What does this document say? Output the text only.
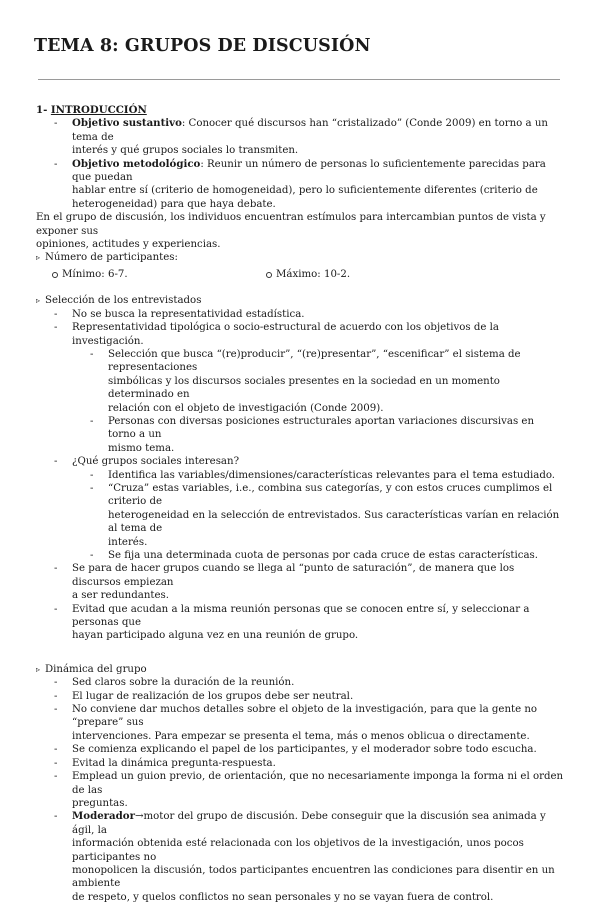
TEMA 8: GRUPOS DE DISCUSIÓN
1- INTRODUCCIÓN
- Objetivo sustantivo: Conocer qué discursos han “cristalizado” (Conde 2009) en torno a un tema de
interés y qué grupos sociales lo transmiten.
- Objetivo metodológico: Reunir un número de personas lo suficientemente parecidas para que puedan
hablar entre sí (criterio de homogeneidad), pero lo suficientemente diferentes (criterio de
heterogeneidad) para que haya debate.
En el grupo de discusión, los individuos encuentran estímulos para intercambian puntos de vista y exponer sus
opiniones, actitudes y experiencias.
▹ Número de participantes:
Mínimo: 6-7.	Máximo: 10-2.
▹ Selección de los entrevistados
- No se busca la representatividad estadística.
- Representatividad tipológica o socio-estructural de acuerdo con los objetivos de la investigación.
- Selección que busca “(re)producir”, “(re)presentar”, “escenificar” el sistema de representaciones
simbólicas y los discursos sociales presentes en la sociedad en un momento determinado en
relación con el objeto de investigación (Conde 2009).
- Personas con diversas posiciones estructurales aportan variaciones discursivas en torno a un
mismo tema.
- ¿Qué grupos sociales interesan?
- Identifica las variables/dimensiones/características relevantes para el tema estudiado.
- “Cruza” estas variables, i.e., combina sus categorías, y con estos cruces cumplimos el criterio de
heterogeneidad en la selección de entrevistados. Sus características varían en relación al tema de
interés.
- Se fija una determinada cuota de personas por cada cruce de estas características.
- Se para de hacer grupos cuando se llega al “punto de saturación”, de manera que los discursos empiezan
a ser redundantes.
- Evitad que acudan a la misma reunión personas que se conocen entre sí, y seleccionar a personas que
hayan participado alguna vez en una reunión de grupo.
▹ Dinámica del grupo
- Sed claros sobre la duración de la reunión.
- El lugar de realización de los grupos debe ser neutral.
- No conviene dar muchos detalles sobre el objeto de la investigación, para que la gente no “prepare” sus
intervenciones. Para empezar se presenta el tema, más o menos oblicua o directamente.
- Se comienza explicando el papel de los participantes, y el moderador sobre todo escucha.
- Evitad la dinámica pregunta-respuesta.
- Emplead un guion previo, de orientación, que no necesariamente imponga la forma ni el orden de las
preguntas.
- Moderador→motor del grupo de discusión. Debe conseguir que la discusión sea animada y ágil, la
información obtenida esté relacionada con los objetivos de la investigación, unos pocos participantes no
monopolicen la discusión, todos participantes encuentren las condiciones para disentir en un ambiente
de respeto, y quelos conflictos no sean personales y no se vayan fuera de control.
